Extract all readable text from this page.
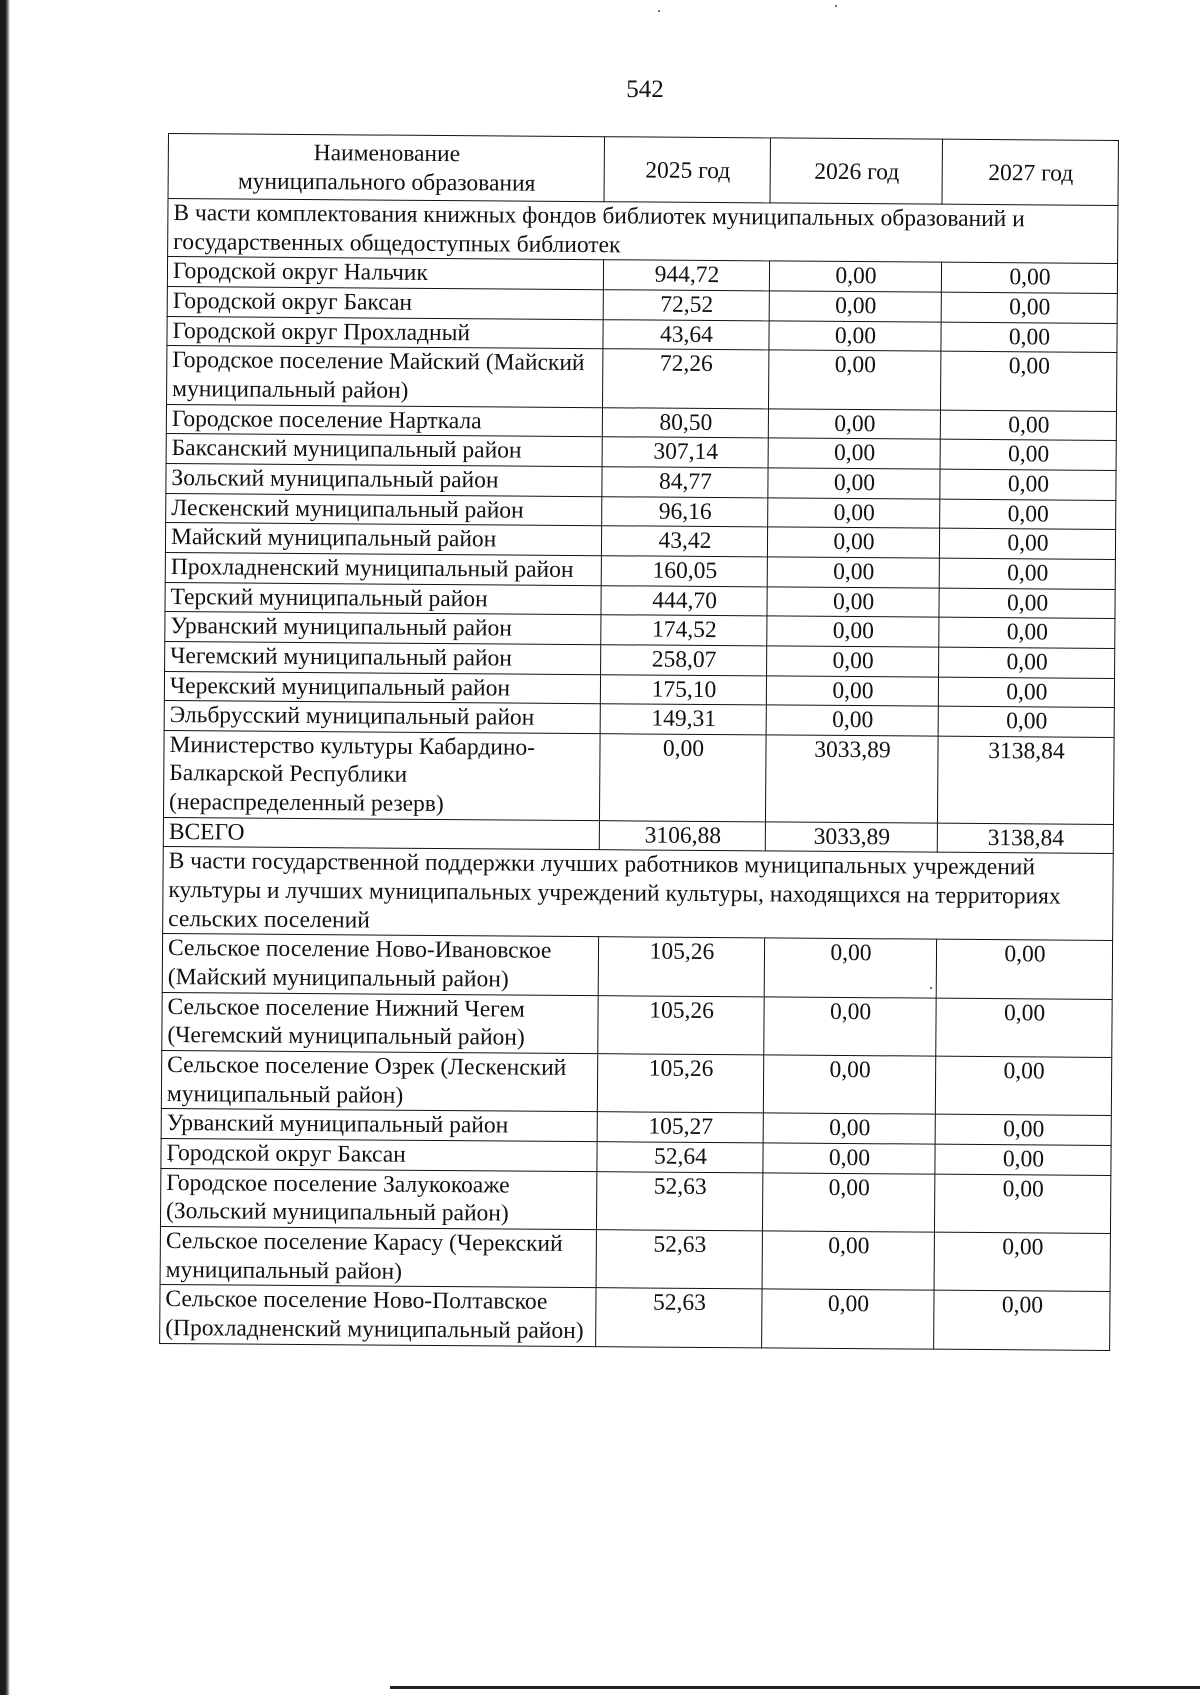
542
Наименование
муниципального образования	2025 год	2026 год	2027 год
В части комплектования книжных фондов библиотек муниципальных образований и государственных общедоступных библиотек			
Городской округ Нальчик	944,72	0,00	0,00
Городской округ Баксан	72,52	0,00	0,00
Городской округ Прохладный	43,64	0,00	0,00
Городское поселение Майский (Майский муниципальный район)	72,26	0,00	0,00
Городское поселение Нарткала	80,50	0,00	0,00
Баксанский муниципальный район	307,14	0,00	0,00
Зольский муниципальный район	84,77	0,00	0,00
Лескенский муниципальный район	96,16	0,00	0,00
Майский муниципальный район	43,42	0,00	0,00
Прохладненский муниципальный район	160,05	0,00	0,00
Терский муниципальный район	444,70	0,00	0,00
Урванский муниципальный район	174,52	0,00	0,00
Чегемский муниципальный район	258,07	0,00	0,00
Черекский муниципальный район	175,10	0,00	0,00
Эльбрусский муниципальный район	149,31	0,00	0,00
Министерство культуры Кабардино-Балкарской Республики (нераспределенный резерв)	0,00	3033,89	3138,84
ВСЕГО	3106,88	3033,89	3138,84
В части государственной поддержки лучших работников муниципальных учреждений культуры и лучших муниципальных учреждений культуры, находящихся на территориях сельских поселений			
Сельское поселение Ново-Ивановское (Майский муниципальный район)	105,26	0,00	0,00
Сельское поселение Нижний Чегем (Чегемский муниципальный район)	105,26	0,00	0,00
Сельское поселение Озрек (Лескенский муниципальный район)	105,26	0,00	0,00
Урванский муниципальный район	105,27	0,00	0,00
Городской округ Баксан	52,64	0,00	0,00
Городское поселение Залукокоаже (Зольский муниципальный район)	52,63	0,00	0,00
Сельское поселение Карасу (Черекский муниципальный район)	52,63	0,00	0,00
Сельское поселение Ново-Полтавское (Прохладненский муниципальный район)	52,63	0,00	0,00
